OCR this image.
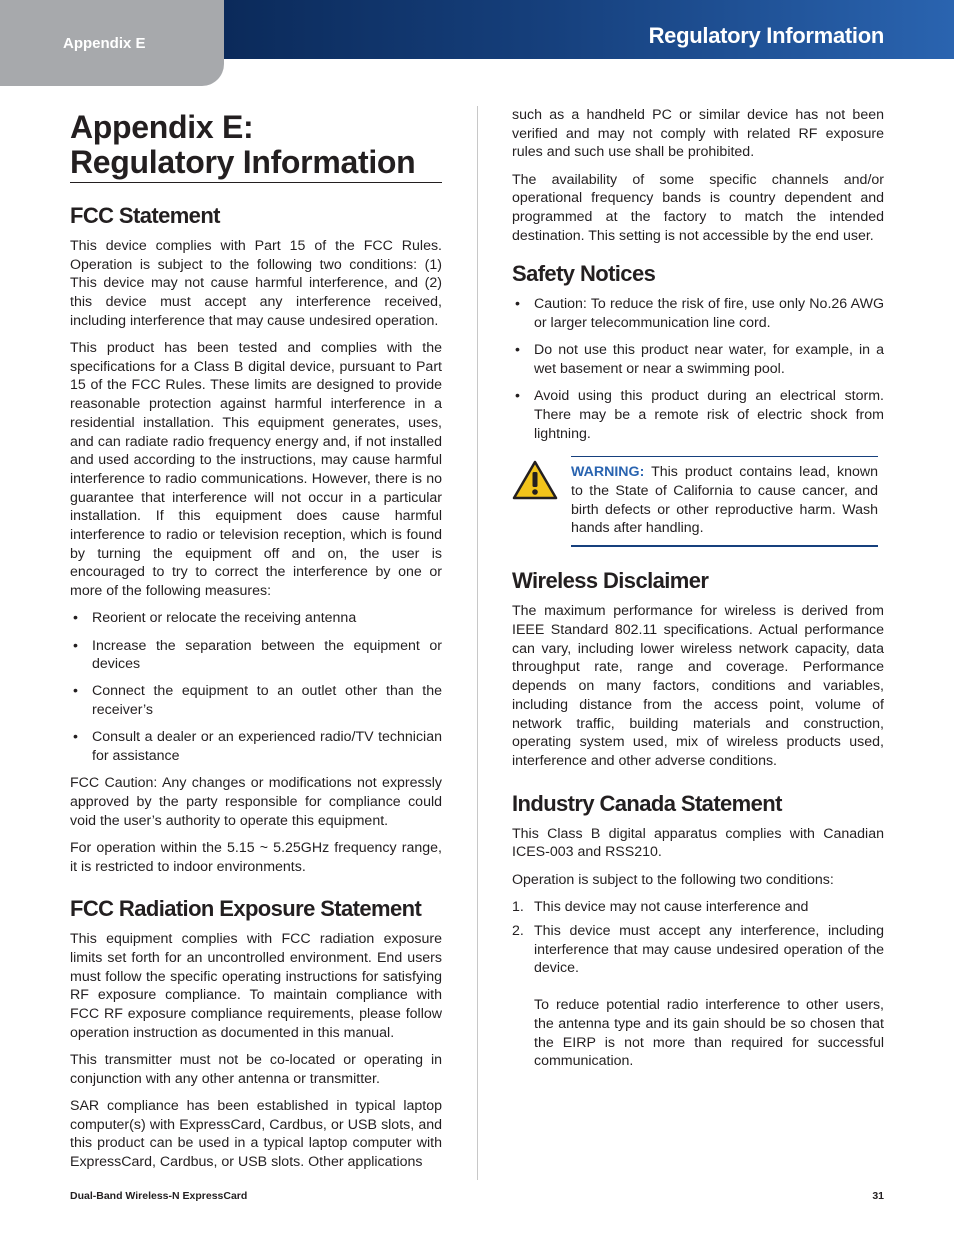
Appendix E	Regulatory Information
Appendix E:
Regulatory Information
FCC Statement

This device complies with Part 15 of the FCC Rules. Operation is subject to the following two conditions: (1) This device may not cause harmful interference, and (2) this device must accept any interference received, including interference that may cause undesired operation.

This product has been tested and complies with the specifications for a Class B digital device, pursuant to Part 15 of the FCC Rules. These limits are designed to provide reasonable protection against harmful interference in a residential installation. This equipment generates, uses, and can radiate radio frequency energy and, if not installed and used according to the instructions, may cause harmful interference to radio communications. However, there is no guarantee that interference will not occur in a particular installation. If this equipment does cause harmful interference to radio or television reception, which is found by turning the equipment off and on, the user is encouraged to try to correct the interference by one or more of the following measures:

• Reorient or relocate the receiving antenna
• Increase the separation between the equipment or devices
• Connect the equipment to an outlet other than the receiver’s
• Consult a dealer or an experienced radio/TV technician for assistance

FCC Caution: Any changes or modifications not expressly approved by the party responsible for compliance could void the user’s authority to operate this equipment.

For operation within the 5.15 ~ 5.25GHz frequency range, it is restricted to indoor environments.

FCC Radiation Exposure Statement

This equipment complies with FCC radiation exposure limits set forth for an uncontrolled environment. End users must follow the specific operating instructions for satisfying RF exposure compliance. To maintain compliance with FCC RF exposure compliance requirements, please follow operation instruction as documented in this manual.

This transmitter must not be co-located or operating in conjunction with any other antenna or transmitter.

SAR compliance has been established in typical laptop computer(s) with ExpressCard, Cardbus, or USB slots, and this product can be used in a typical laptop computer with ExpressCard, Cardbus, or USB slots. Other applications

such as a handheld PC or similar device has not been verified and may not comply with related RF exposure rules and such use shall be prohibited.

The availability of some specific channels and/or operational frequency bands is country dependent and programmed at the factory to match the intended destination. This setting is not accessible by the end user.

Safety Notices
• Caution: To reduce the risk of fire, use only No.26 AWG or larger telecommunication line cord.
• Do not use this product near water, for example, in a wet basement or near a swimming pool.
• Avoid using this product during an electrical storm. There may be a remote risk of electric shock from lightning.
WARNING: This product contains lead, known to the State of California to cause cancer, and birth defects or other reproductive harm. Wash hands after handling.
Wireless Disclaimer

The maximum performance for wireless is derived from IEEE Standard 802.11 specifications. Actual performance can vary, including lower wireless network capacity, data throughput rate, range and coverage. Performance depends on many factors, conditions and variables, including distance from the access point, volume of network traffic, building materials and construction, operating system used, mix of wireless products used, interference and other adverse conditions.

Industry Canada Statement

This Class B digital apparatus complies with Canadian ICES-003 and RSS210.

Operation is subject to the following two conditions:

1. This device may not cause interference and
2. This device must accept any interference, including interference that may cause undesired operation of the device.
To reduce potential radio interference to other users, the antenna type and its gain should be so chosen that the EIRP is not more than required for successful communication.
Dual-Band Wireless-N ExpressCard	31
